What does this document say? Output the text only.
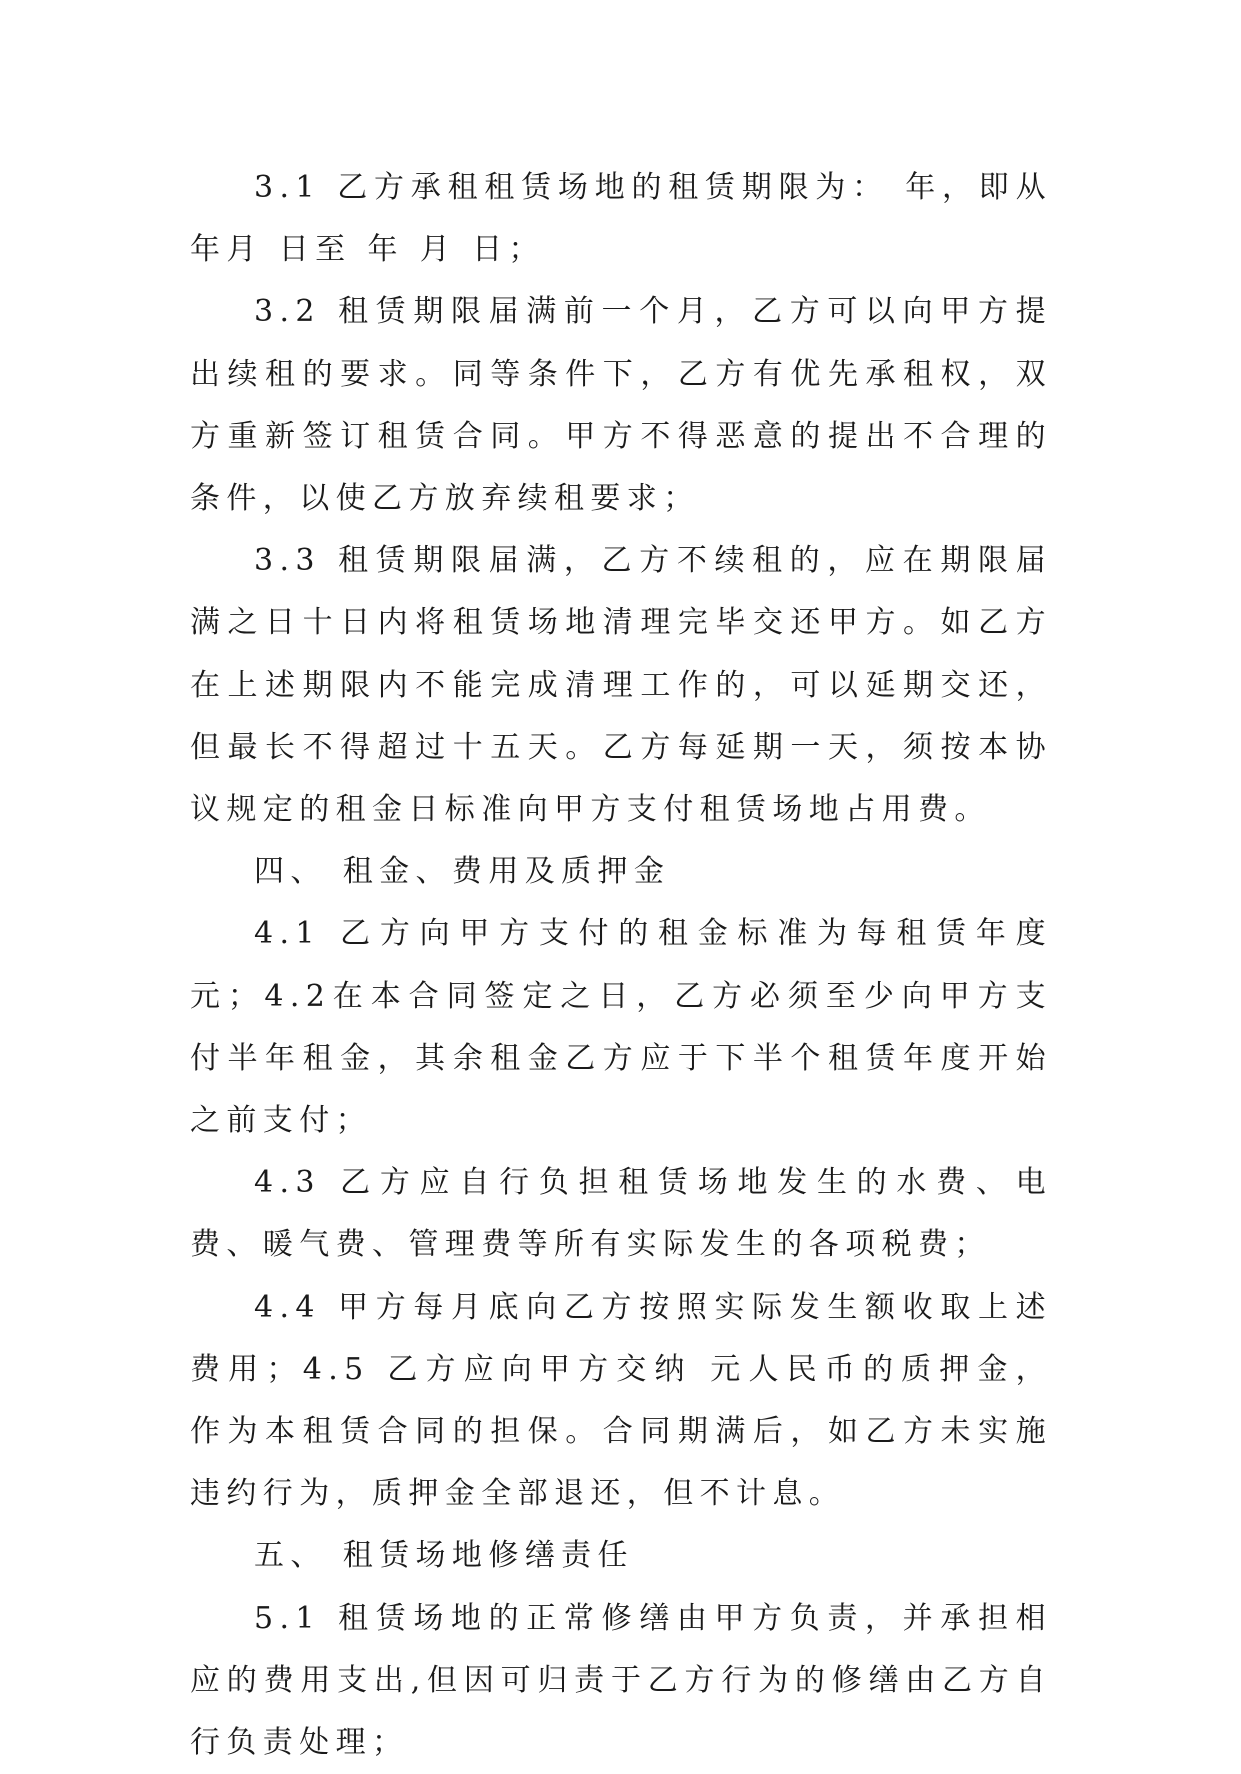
3.1 乙方承租租赁场地的租赁期限为： 年，即从 年月 日至 年 月 日；

3.2 租赁期限届满前一个月，乙方可以向甲方提出续租的要求。同等条件下，乙方有优先承租权，双方重新签订租赁合同。甲方不得恶意的提出不合理的条件，以使乙方放弃续租要求；

3.3 租赁期限届满，乙方不续租的，应在期限届满之日十日内将租赁场地清理完毕交还甲方。如乙方在上述期限内不能完成清理工作的，可以延期交还，但最长不得超过十五天。乙方每延期一天，须按本协议规定的租金日标准向甲方支付租赁场地占用费。

四、 租金、费用及质押金

4.1 乙方向甲方支付的租金标准为每租赁年度 元；4.2在本合同签定之日，乙方必须至少向甲方支付半年租金，其余租金乙方应于下半个租赁年度开始之前支付；

4.3 乙方应自行负担租赁场地发生的水费、电费、暖气费、管理费等所有实际发生的各项税费；

4.4 甲方每月底向乙方按照实际发生额收取上述费用；4.5 乙方应向甲方交纳 元人民币的质押金，作为本租赁合同的担保。合同期满后，如乙方未实施违约行为，质押金全部退还，但不计息。

五、 租赁场地修缮责任

5.1 租赁场地的正常修缮由甲方负责，并承担相应的费用支出,但因可归责于乙方行为的修缮由乙方自行负责处理；
